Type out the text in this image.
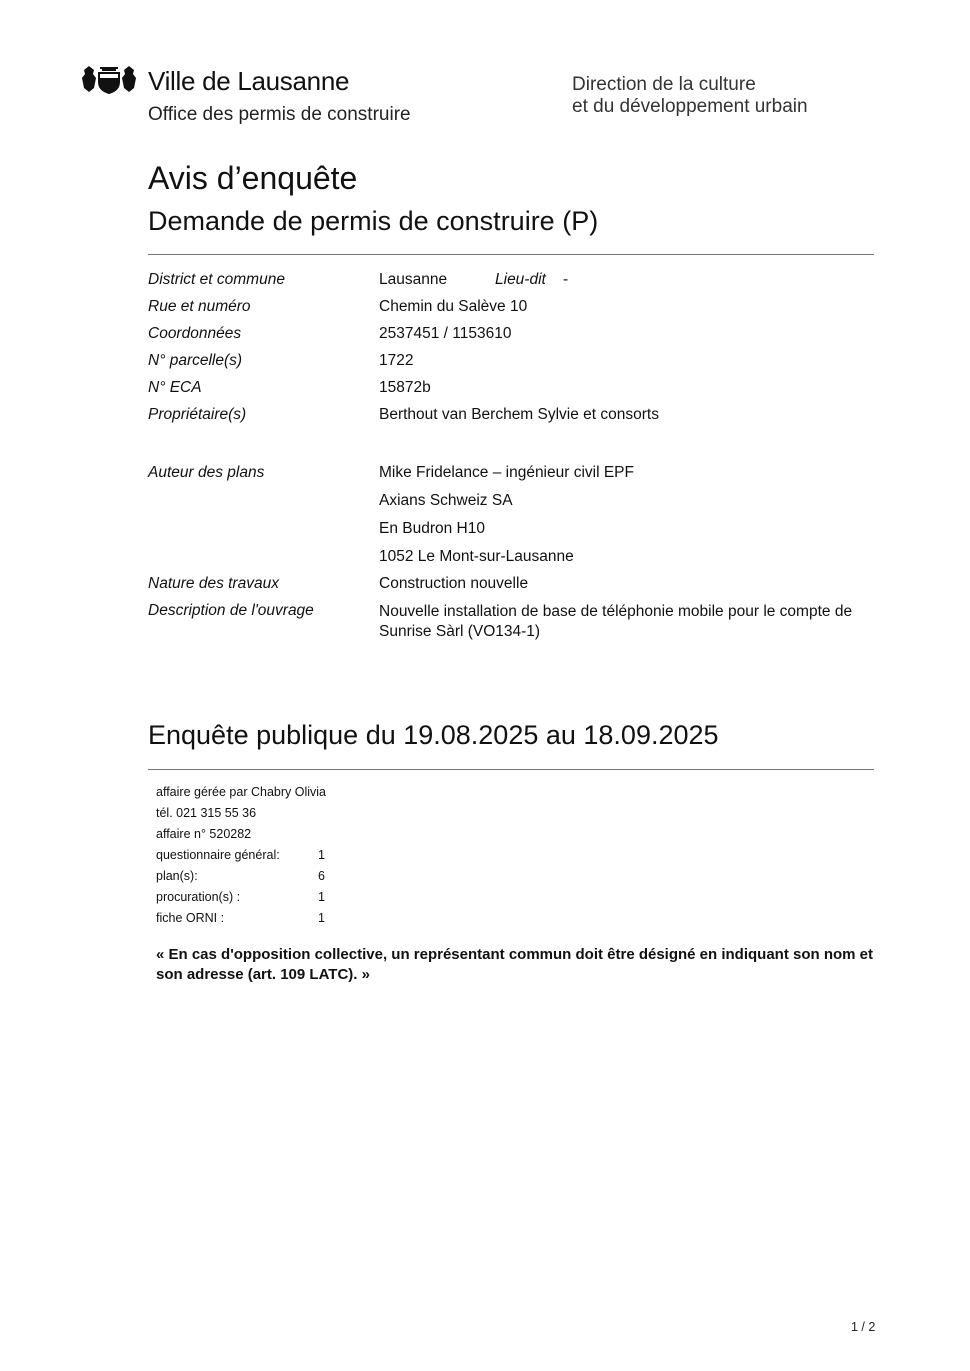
Ville de Lausanne
Office des permis de construire
Direction de la culture
et du développement urbain
Avis d’enquête
Demande de permis de construire (P)
District et commune	Lausanne	Lieu-dit -
Rue et numéro	Chemin du Salève 10
Coordonnées	2537451 / 1153610
N° parcelle(s)	1722
N° ECA	15872b
Propriétaire(s)	Berthout van Berchem Sylvie et consorts
Auteur des plans	Mike Fridelance – ingénieur civil EPF
Axians Schweiz SA
En Budron H10
1052 Le Mont-sur-Lausanne
Nature des travaux	Construction nouvelle
Description de l'ouvrage	Nouvelle installation de base de téléphonie mobile pour le compte de Sunrise Sàrl (VO134-1)
Enquête publique du 19.08.2025 au 18.09.2025
affaire gérée par Chabry Olivia
tél. 021 315 55 36
affaire n° 520282
questionnaire général:	1
plan(s):	6
procuration(s) :	1
fiche ORNI :	1
« En cas d'opposition collective, un représentant commun doit être désigné en indiquant son nom et son adresse (art. 109 LATC). »
1 / 2
